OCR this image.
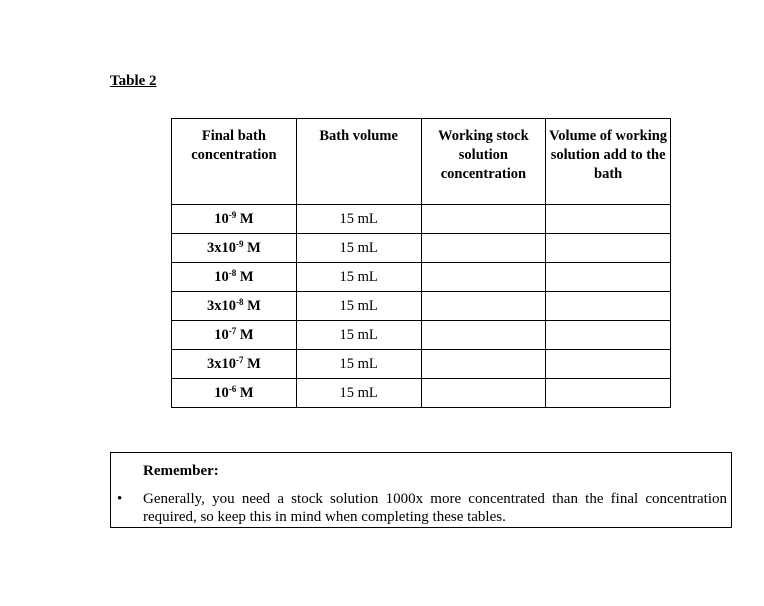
Table 2
Final bath concentration	Bath volume	Working stock solution concentration	Volume of working solution add to the bath
$10^{-9}$ M	15 mL		
$3x10^{-9}$ M	15 mL		
$10^{-8}$ M	15 mL		
$3x10^{-8}$ M	15 mL		
$10^{-7}$ M	15 mL		
$3x10^{-7}$ M	15 mL		
$10^{-6}$ M	15 mL		
Remember:
• Generally, you need a stock solution 1000x more concentrated than the final concentration required, so keep this in mind when completing these tables.
